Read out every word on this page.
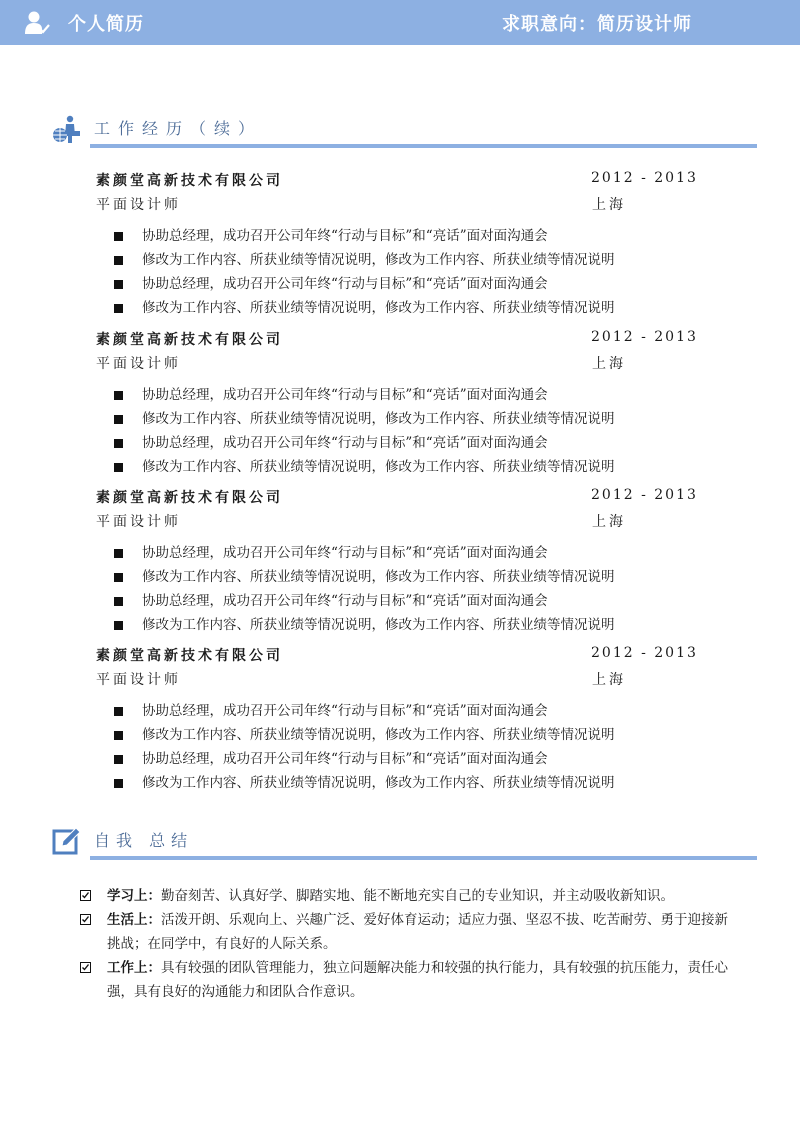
个人简历	求职意向：简历设计师
工作经历（续）
素颜堂高新技术有限公司	2012 - 2013
平面设计师	上海
协助总经理，成功召开公司年终“行动与目标”和“亮话”面对面沟通会
修改为工作内容、所获业绩等情况说明，修改为工作内容、所获业绩等情况说明
协助总经理，成功召开公司年终“行动与目标”和“亮话”面对面沟通会
修改为工作内容、所获业绩等情况说明，修改为工作内容、所获业绩等情况说明
素颜堂高新技术有限公司	2012 - 2013
平面设计师	上海
协助总经理，成功召开公司年终“行动与目标”和“亮话”面对面沟通会
修改为工作内容、所获业绩等情况说明，修改为工作内容、所获业绩等情况说明
协助总经理，成功召开公司年终“行动与目标”和“亮话”面对面沟通会
修改为工作内容、所获业绩等情况说明，修改为工作内容、所获业绩等情况说明
素颜堂高新技术有限公司	2012 - 2013
平面设计师	上海
协助总经理，成功召开公司年终“行动与目标”和“亮话”面对面沟通会
修改为工作内容、所获业绩等情况说明，修改为工作内容、所获业绩等情况说明
协助总经理，成功召开公司年终“行动与目标”和“亮话”面对面沟通会
修改为工作内容、所获业绩等情况说明，修改为工作内容、所获业绩等情况说明
素颜堂高新技术有限公司	2012 - 2013
平面设计师	上海
协助总经理，成功召开公司年终“行动与目标”和“亮话”面对面沟通会
修改为工作内容、所获业绩等情况说明，修改为工作内容、所获业绩等情况说明
协助总经理，成功召开公司年终“行动与目标”和“亮话”面对面沟通会
修改为工作内容、所获业绩等情况说明，修改为工作内容、所获业绩等情况说明
自我 总结
学习上：勤奋刻苦、认真好学、脚踏实地、能不断地充实自己的专业知识，并主动吸收新知识。
生活上：活泼开朗、乐观向上、兴趣广泛、爱好体育运动；适应力强、坚忍不拔、吃苦耐劳、勇于迎接新挑战；在同学中，有良好的人际关系。
工作上：具有较强的团队管理能力，独立问题解决能力和较强的执行能力，具有较强的抗压能力，责任心强，具有良好的沟通能力和团队合作意识。
